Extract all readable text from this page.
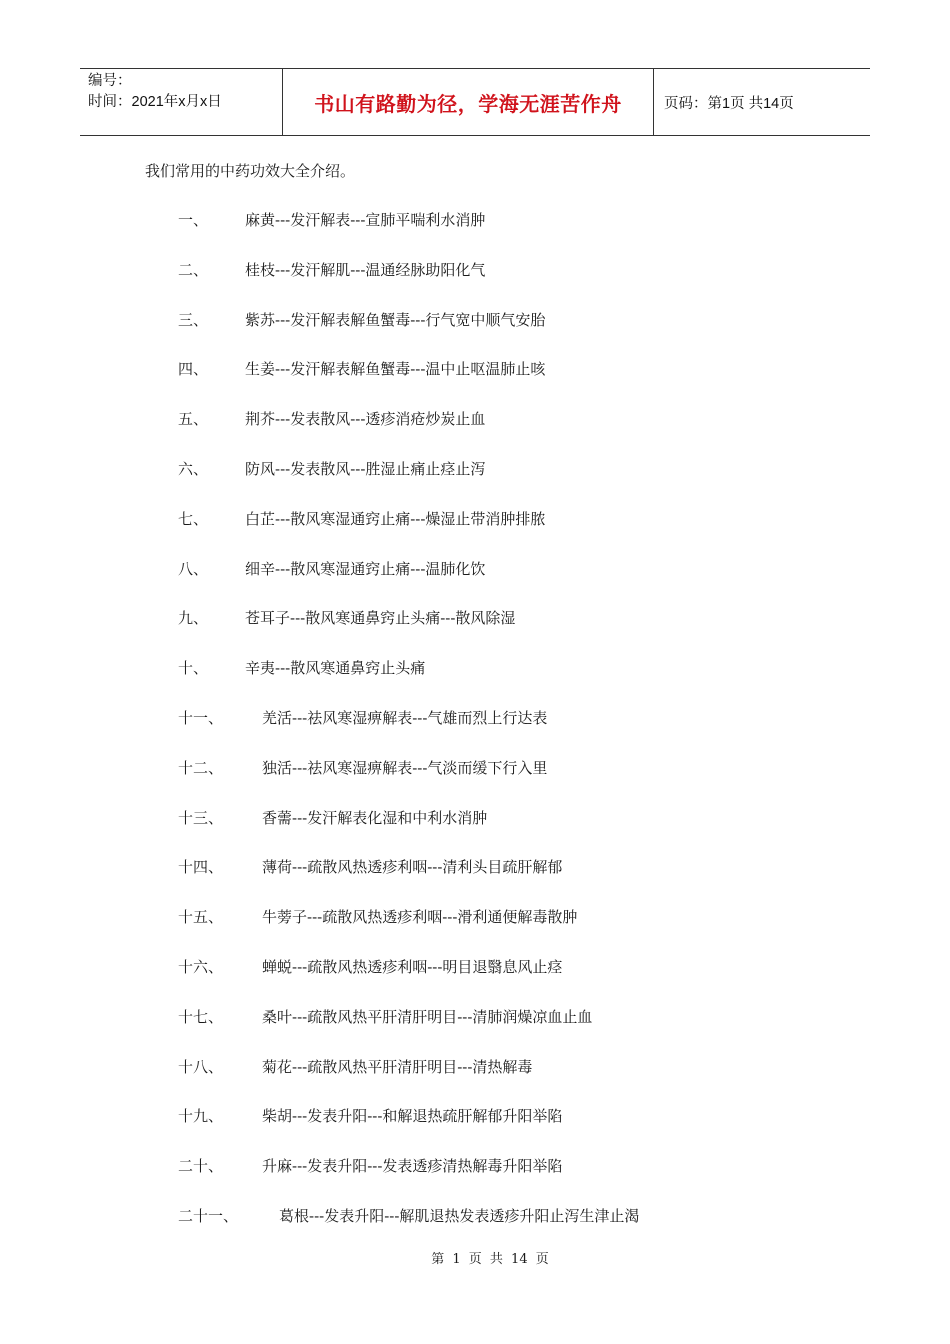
编号：
时间：2021年x月x日	书山有路勤为径，学海无涯苦作舟	页码：第1页 共14页
我们常用的中药功效大全介绍。
一、 麻黄---发汗解表---宣肺平喘利水消肿
二、 桂枝---发汗解肌---温通经脉助阳化气
三、 紫苏---发汗解表解鱼蟹毒---行气宽中顺气安胎
四、 生姜---发汗解表解鱼蟹毒---温中止呕温肺止咳
五、 荆芥---发表散风---透疹消疮炒炭止血
六、 防风---发表散风---胜湿止痛止痉止泻
七、 白芷---散风寒湿通窍止痛---燥湿止带消肿排脓
八、 细辛---散风寒湿通窍止痛---温肺化饮
九、 苍耳子---散风寒通鼻窍止头痛---散风除湿
十、 辛夷---散风寒通鼻窍止头痛
十一、	羌活---祛风寒湿痹解表---气雄而烈上行达表
十二、	独活---祛风寒湿痹解表---气淡而缓下行入里
十三、	香薷---发汗解表化湿和中利水消肿
十四、	薄荷---疏散风热透疹利咽---清利头目疏肝解郁
十五、	牛蒡子---疏散风热透疹利咽---滑利通便解毒散肿
十六、	蝉蜕---疏散风热透疹利咽---明目退翳息风止痉
十七、	桑叶---疏散风热平肝清肝明目---清肺润燥凉血止血
十八、	菊花---疏散风热平肝清肝明目---清热解毒
十九、	柴胡---发表升阳---和解退热疏肝解郁升阳举陷
二十、	升麻---发表升阳---发表透疹清热解毒升阳举陷
二十一、	葛根---发表升阳---解肌退热发表透疹升阳止泻生津止渴
第 1 页 共 14 页
